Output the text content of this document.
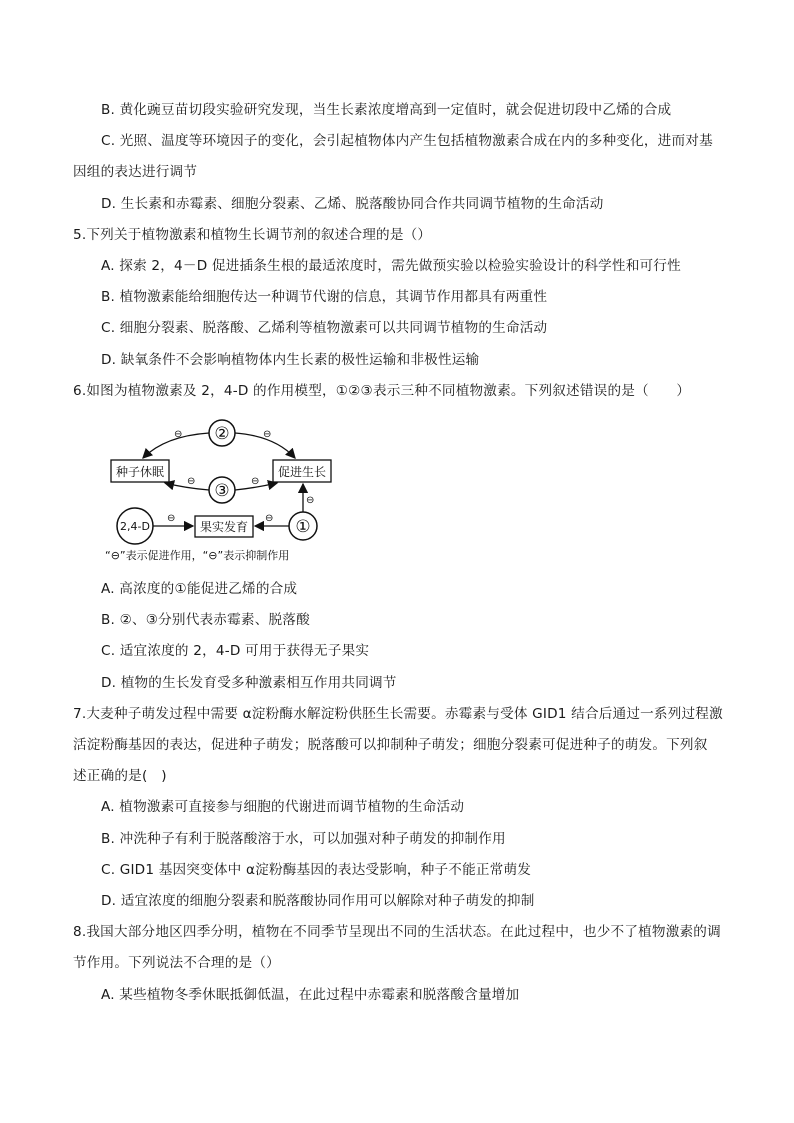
B. 黄化豌豆苗切段实验研究发现，当生长素浓度增高到一定值时，就会促进切段中乙烯的合成
C. 光照、温度等环境因子的变化，会引起植物体内产生包括植物激素合成在内的多种变化，进而对基
因组的表达进行调节
D. 生长素和赤霉素、细胞分裂素、乙烯、脱落酸协同合作共同调节植物的生命活动
5.下列关于植物激素和植物生长调节剂的叙述合理的是（）
A. 探索 2，4－D 促进插条生根的最适浓度时，需先做预实验以检验实验设计的科学性和可行性
B. 植物激素能给细胞传达一种调节代谢的信息，其调节作用都具有两重性
C. 细胞分裂素、脱落酸、乙烯利等植物激素可以共同调节植物的生命活动
D. 缺氧条件不会影响植物体内生长素的极性运输和非极性运输
6.如图为植物激素及 2，4-D 的作用模型，①②③表示三种不同植物激素。下列叙述错误的是（　　）
②
⊖	⊖
种子休眠	促进生长
③
⊖	⊖
①
⊖
⊖
果实发育
2,4-D
⊖
“⊖”表示促进作用，“⊖”表示抑制作用
A. 高浓度的①能促进乙烯的合成
B. ②、③分别代表赤霉素、脱落酸
C. 适宜浓度的 2，4-D 可用于获得无子果实
D. 植物的生长发育受多种激素相互作用共同调节
7.大麦种子萌发过程中需要 α淀粉酶水解淀粉供胚生长需要。赤霉素与受体 GID1 结合后通过一系列过程激
活淀粉酶基因的表达，促进种子萌发；脱落酸可以抑制种子萌发；细胞分裂素可促进种子的萌发。下列叙
述正确的是(　)
A. 植物激素可直接参与细胞的代谢进而调节植物的生命活动
B. 冲洗种子有利于脱落酸溶于水，可以加强对种子萌发的抑制作用
C. GID1 基因突变体中 α淀粉酶基因的表达受影响，种子不能正常萌发
D. 适宜浓度的细胞分裂素和脱落酸协同作用可以解除对种子萌发的抑制
8.我国大部分地区四季分明，植物在不同季节呈现出不同的生活状态。在此过程中，也少不了植物激素的调
节作用。下列说法不合理的是（）
A. 某些植物冬季休眠抵御低温，在此过程中赤霉素和脱落酸含量增加
